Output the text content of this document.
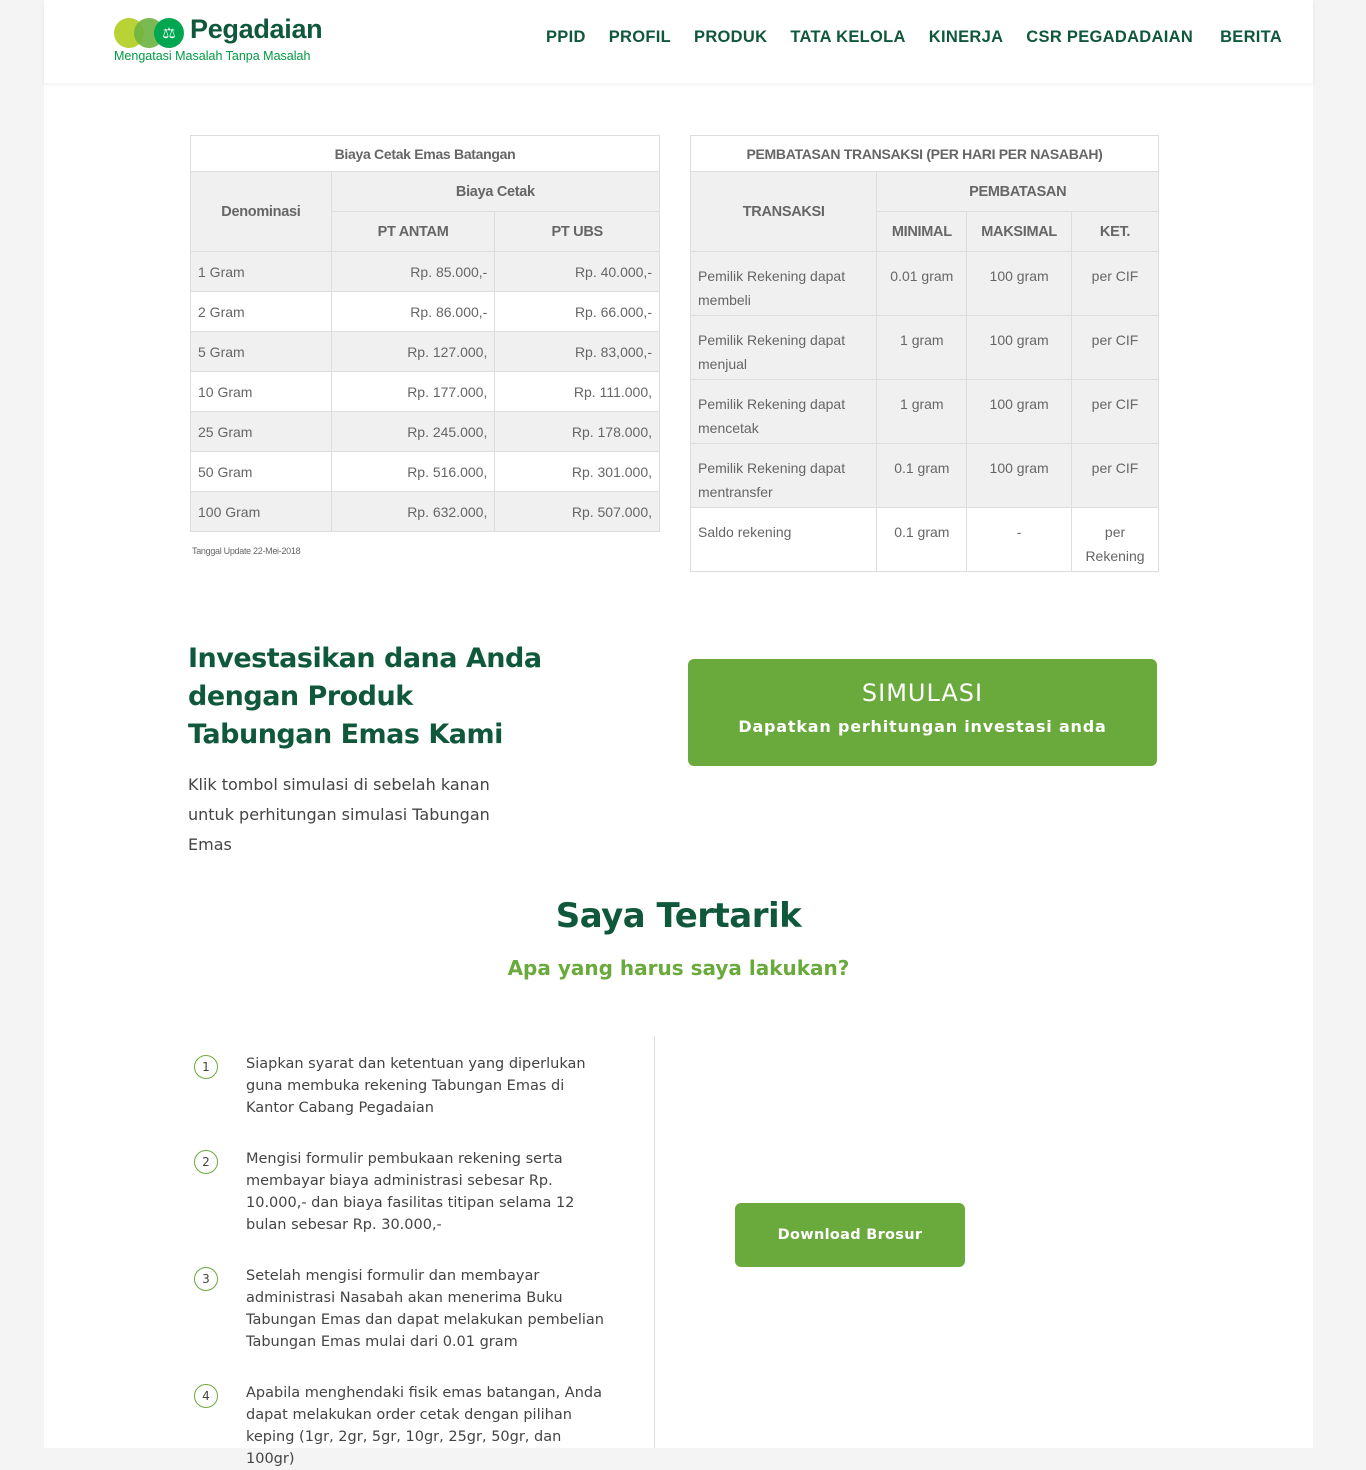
⚖ Pegadaian
Mengatasi Masalah Tanpa Masalah
PPID PROFIL PRODUK TATA KELOLA KINERJA CSR PEGADADAIAN BERITA
Biaya Cetak Emas Batangan		
Denominasi	Biaya Cetak	
	PT ANTAM	PT UBS
1 Gram	Rp. 85.000,-	Rp. 40.000,-
2 Gram	Rp. 86.000,-	Rp. 66.000,-
5 Gram	Rp. 127.000,	Rp. 83,000,-
10 Gram	Rp. 177.000,	Rp. 111.000,
25 Gram	Rp. 245.000,	Rp. 178.000,
50 Gram	Rp. 516.000,	Rp. 301.000,
100 Gram	Rp. 632.000,	Rp. 507.000,
Tanggal Update 22-Mei-2018
PEMBATASAN TRANSAKSI (PER HARI PER NASABAH)			
TRANSAKSI	PEMBATASAN		
	MINIMAL	MAKSIMAL	KET.
Pemilik Rekening dapat membeli	0.01 gram	100 gram	per CIF
Pemilik Rekening dapat menjual	1 gram	100 gram	per CIF
Pemilik Rekening dapat mencetak	1 gram	100 gram	per CIF
Pemilik Rekening dapat mentransfer	0.1 gram	100 gram	per CIF
Saldo rekening	0.1 gram	-	per Rekening
Investasikan dana Anda dengan Produk Tabungan Emas Kami

Klik tombol simulasi di sebelah kanan untuk perhitungan simulasi Tabungan Emas

SIMULASI
Dapatkan perhitungan investasi anda
Saya Tertarik
Apa yang harus saya lakukan?
1	Siapkan syarat dan ketentuan yang diperlukan guna membuka rekening Tabungan Emas di Kantor Cabang Pegadaian
2	Mengisi formulir pembukaan rekening serta membayar biaya administrasi sebesar Rp. 10.000,- dan biaya fasilitas titipan selama 12 bulan sebesar Rp. 30.000,-
3	Setelah mengisi formulir dan membayar administrasi Nasabah akan menerima Buku Tabungan Emas dan dapat melakukan pembelian Tabungan Emas mulai dari 0.01 gram
4	Apabila menghendaki fisik emas batangan, Anda dapat melakukan order cetak dengan pilihan keping (1gr, 2gr, 5gr, 10gr, 25gr, 50gr, dan 100gr)
Download Brosur
